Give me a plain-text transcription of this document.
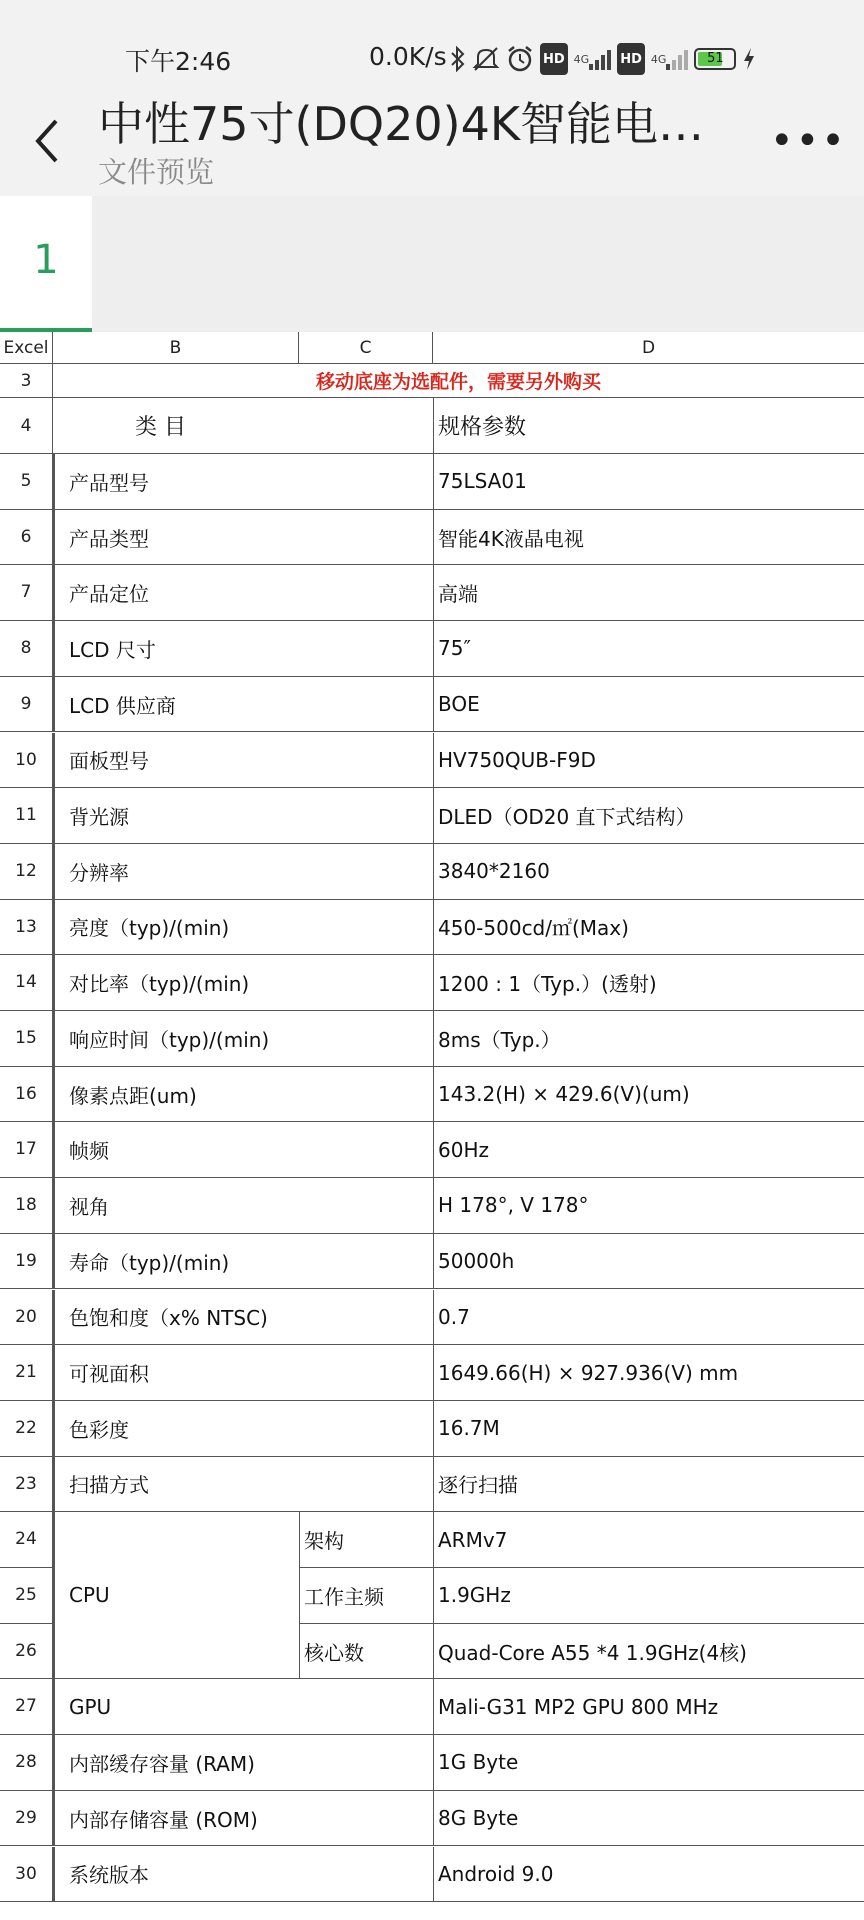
下午2:46	0.0K/s	HD 4G HD 4G	51
中性75寸(DQ20)4K智能电…
文件预览
•••
1
Excel	B	C	D
3	移动底座为选配件，需要另外购买
4	类 目	规格参数
5	产品型号	75LSA01
6	产品类型	智能4K液晶电视
7	产品定位	高端
8	LCD 尺寸	75″
9	LCD 供应商	BOE
10	面板型号	HV750QUB-F9D
11	背光源	DLED（OD20 直下式结构）
12	分辨率	3840*2160
13	亮度（typ)/(min)	450-500cd/㎡(Max)
14	对比率（typ)/(min)	1200 : 1（Typ.）(透射)
15	响应时间（typ)/(min)	8ms（Typ.）
16	像素点距(um)	143.2(H) × 429.6(V)(um)
17	帧频	60Hz
18	视角	H 178°, V 178°
19	寿命（typ)/(min)	50000h
20	色饱和度（x% NTSC)	0.7
21	可视面积	1649.66(H) × 927.936(V) mm
22	色彩度	16.7M
23	扫描方式	逐行扫描
CPU
24	架构	ARMv7
25	工作主频	1.9GHz
26	核心数	Quad-Core A55 *4 1.9GHz(4核)
27	GPU	Mali-G31 MP2 GPU 800 MHz
28	内部缓存容量 (RAM)	1G Byte
29	内部存储容量 (ROM)	8G Byte
30	系统版本	Android 9.0
